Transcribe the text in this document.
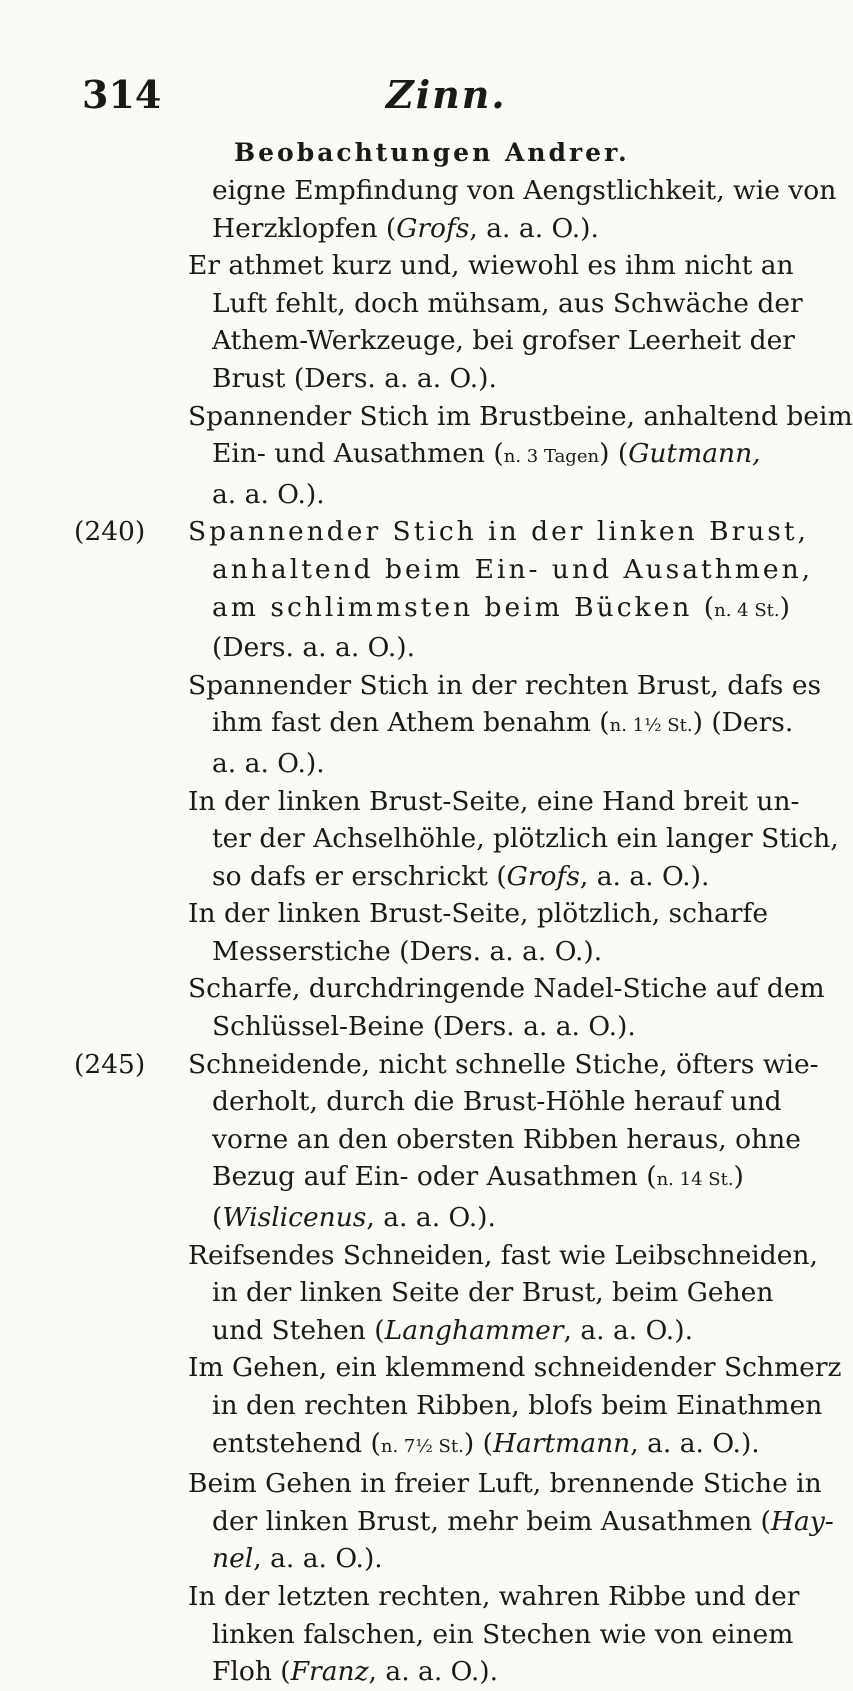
314	Zinn.
Beobachtungen Andrer.

eigne Empfindung von Aengstlichkeit, wie von
Herzklopfen (Grofs, a. a. O.).

Er athmet kurz und, wiewohl es ihm nicht an
Luft fehlt, doch mühsam, aus Schwäche der
Athem-Werkzeuge, bei grofser Leerheit der
Brust (Ders. a. a. O.).

Spannender Stich im Brustbeine, anhaltend beim
Ein- und Ausathmen (n. 3 Tagen) (Gutmann,
a. a. O.).

(240) Spannender Stich in der linken Brust,
anhaltend beim Ein- und Ausathmen,
am schlimmsten beim Bücken (n. 4 St.)
(Ders. a. a. O.).

Spannender Stich in der rechten Brust, dafs es
ihm fast den Athem benahm (n. 1½ St.) (Ders.
a. a. O.).

In der linken Brust-Seite, eine Hand breit un-
ter der Achselhöhle, plötzlich ein langer Stich,
so dafs er erschrickt (Grofs, a. a. O.).

In der linken Brust-Seite, plötzlich, scharfe
Messerstiche (Ders. a. a. O.).

Scharfe, durchdringende Nadel-Stiche auf dem
Schlüssel-Beine (Ders. a. a. O.).

(245) Schneidende, nicht schnelle Stiche, öfters wie-
derholt, durch die Brust-Höhle herauf und
vorne an den obersten Ribben heraus, ohne
Bezug auf Ein- oder Ausathmen (n. 14 St.)
(Wislicenus, a. a. O.).

Reifsendes Schneiden, fast wie Leibschneiden,
in der linken Seite der Brust, beim Gehen
und Stehen (Langhammer, a. a. O.).

Im Gehen, ein klemmend schneidender Schmerz
in den rechten Ribben, blofs beim Einathmen
entstehend (n. 7½ St.) (Hartmann, a. a. O.).

Beim Gehen in freier Luft, brennende Stiche in
der linken Brust, mehr beim Ausathmen (Hay-
nel, a. a. O.).

In der letzten rechten, wahren Ribbe und der
linken falschen, ein Stechen wie von einem
Floh (Franz, a. a. O.).
